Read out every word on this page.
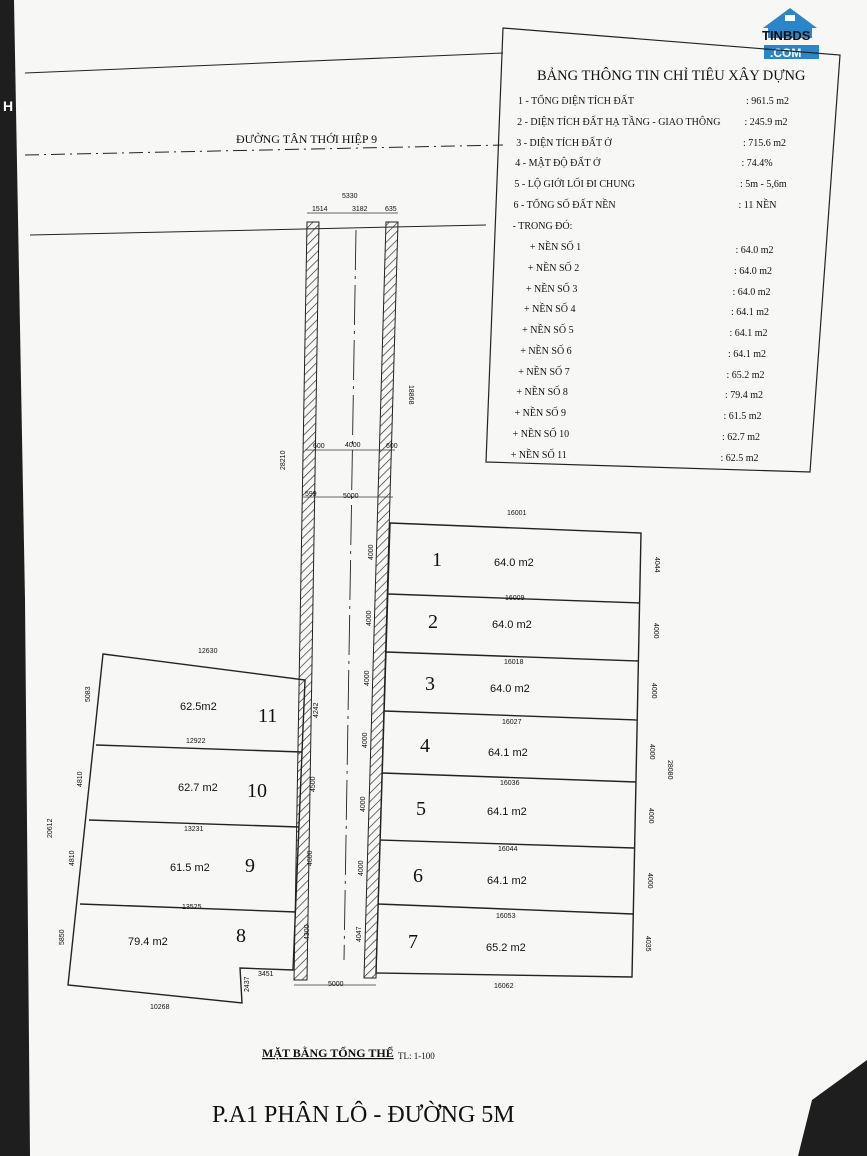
TINBDS
.COM
ĐƯỜNG TÂN THỚI HIỆP 9
BẢNG THÔNG TIN CHỈ TIÊU XÂY DỰNG
1 - TỔNG DIỆN TÍCH ĐẤT	: 961.5 m2
2 - DIỆN TÍCH ĐẤT HẠ TẦNG - GIAO THÔNG : 245.9 m2
3 - DIỆN TÍCH ĐẤT Ở	: 715.6 m2
4 - MẬT ĐỘ ĐẤT Ở	: 74.4%
5 - LỘ GIỚI LỐI ĐI CHUNG	: 5m - 5,6m
6 - TỔNG SỐ ĐẤT NỀN	: 11 NỀN
- TRONG ĐÓ:
+ NỀN SỐ 1	: 64.0 m2
+ NỀN SỐ 2	: 64.0 m2
+ NỀN SỐ 3	: 64.0 m2
+ NỀN SỐ 4	: 64.1 m2
+ NỀN SỐ 5	: 64.1 m2
+ NỀN SỐ 6	: 64.1 m2
+ NỀN SỐ 7	: 65.2 m2
+ NỀN SỐ 8	: 79.4 m2
+ NỀN SỐ 9	: 61.5 m2
+ NỀN SỐ 10	: 62.7 m2
+ NỀN SỐ 11	: 62.5 m2
1	64.0 m2
2	64.0 m2
3	64.0 m2
4	64.1 m2
5	64.1 m2
6	64.1 m2
7	65.2 m2
8
79.4 m2
9
61.5 m2
10
62.7 m2
11
62.5m2
5330
1514	3182 635
4000
5000
28210
18868
600	600
599
16001
16009
16018
16027
16036
16044
16053
16062
28080
4044
4000
4000
4000
4000
4000
4035
4000
4000
4000
4000
4000
4000
4047
12630
12922
13231
13525
10268
4242
4500
4600
4300
5083
4810
4810
5850
20612
3451
2437	5000
MẶT BẰNG TỔNG THỂ TL: 1-100
P.A1 PHÂN LÔ - ĐƯỜNG 5M
H
